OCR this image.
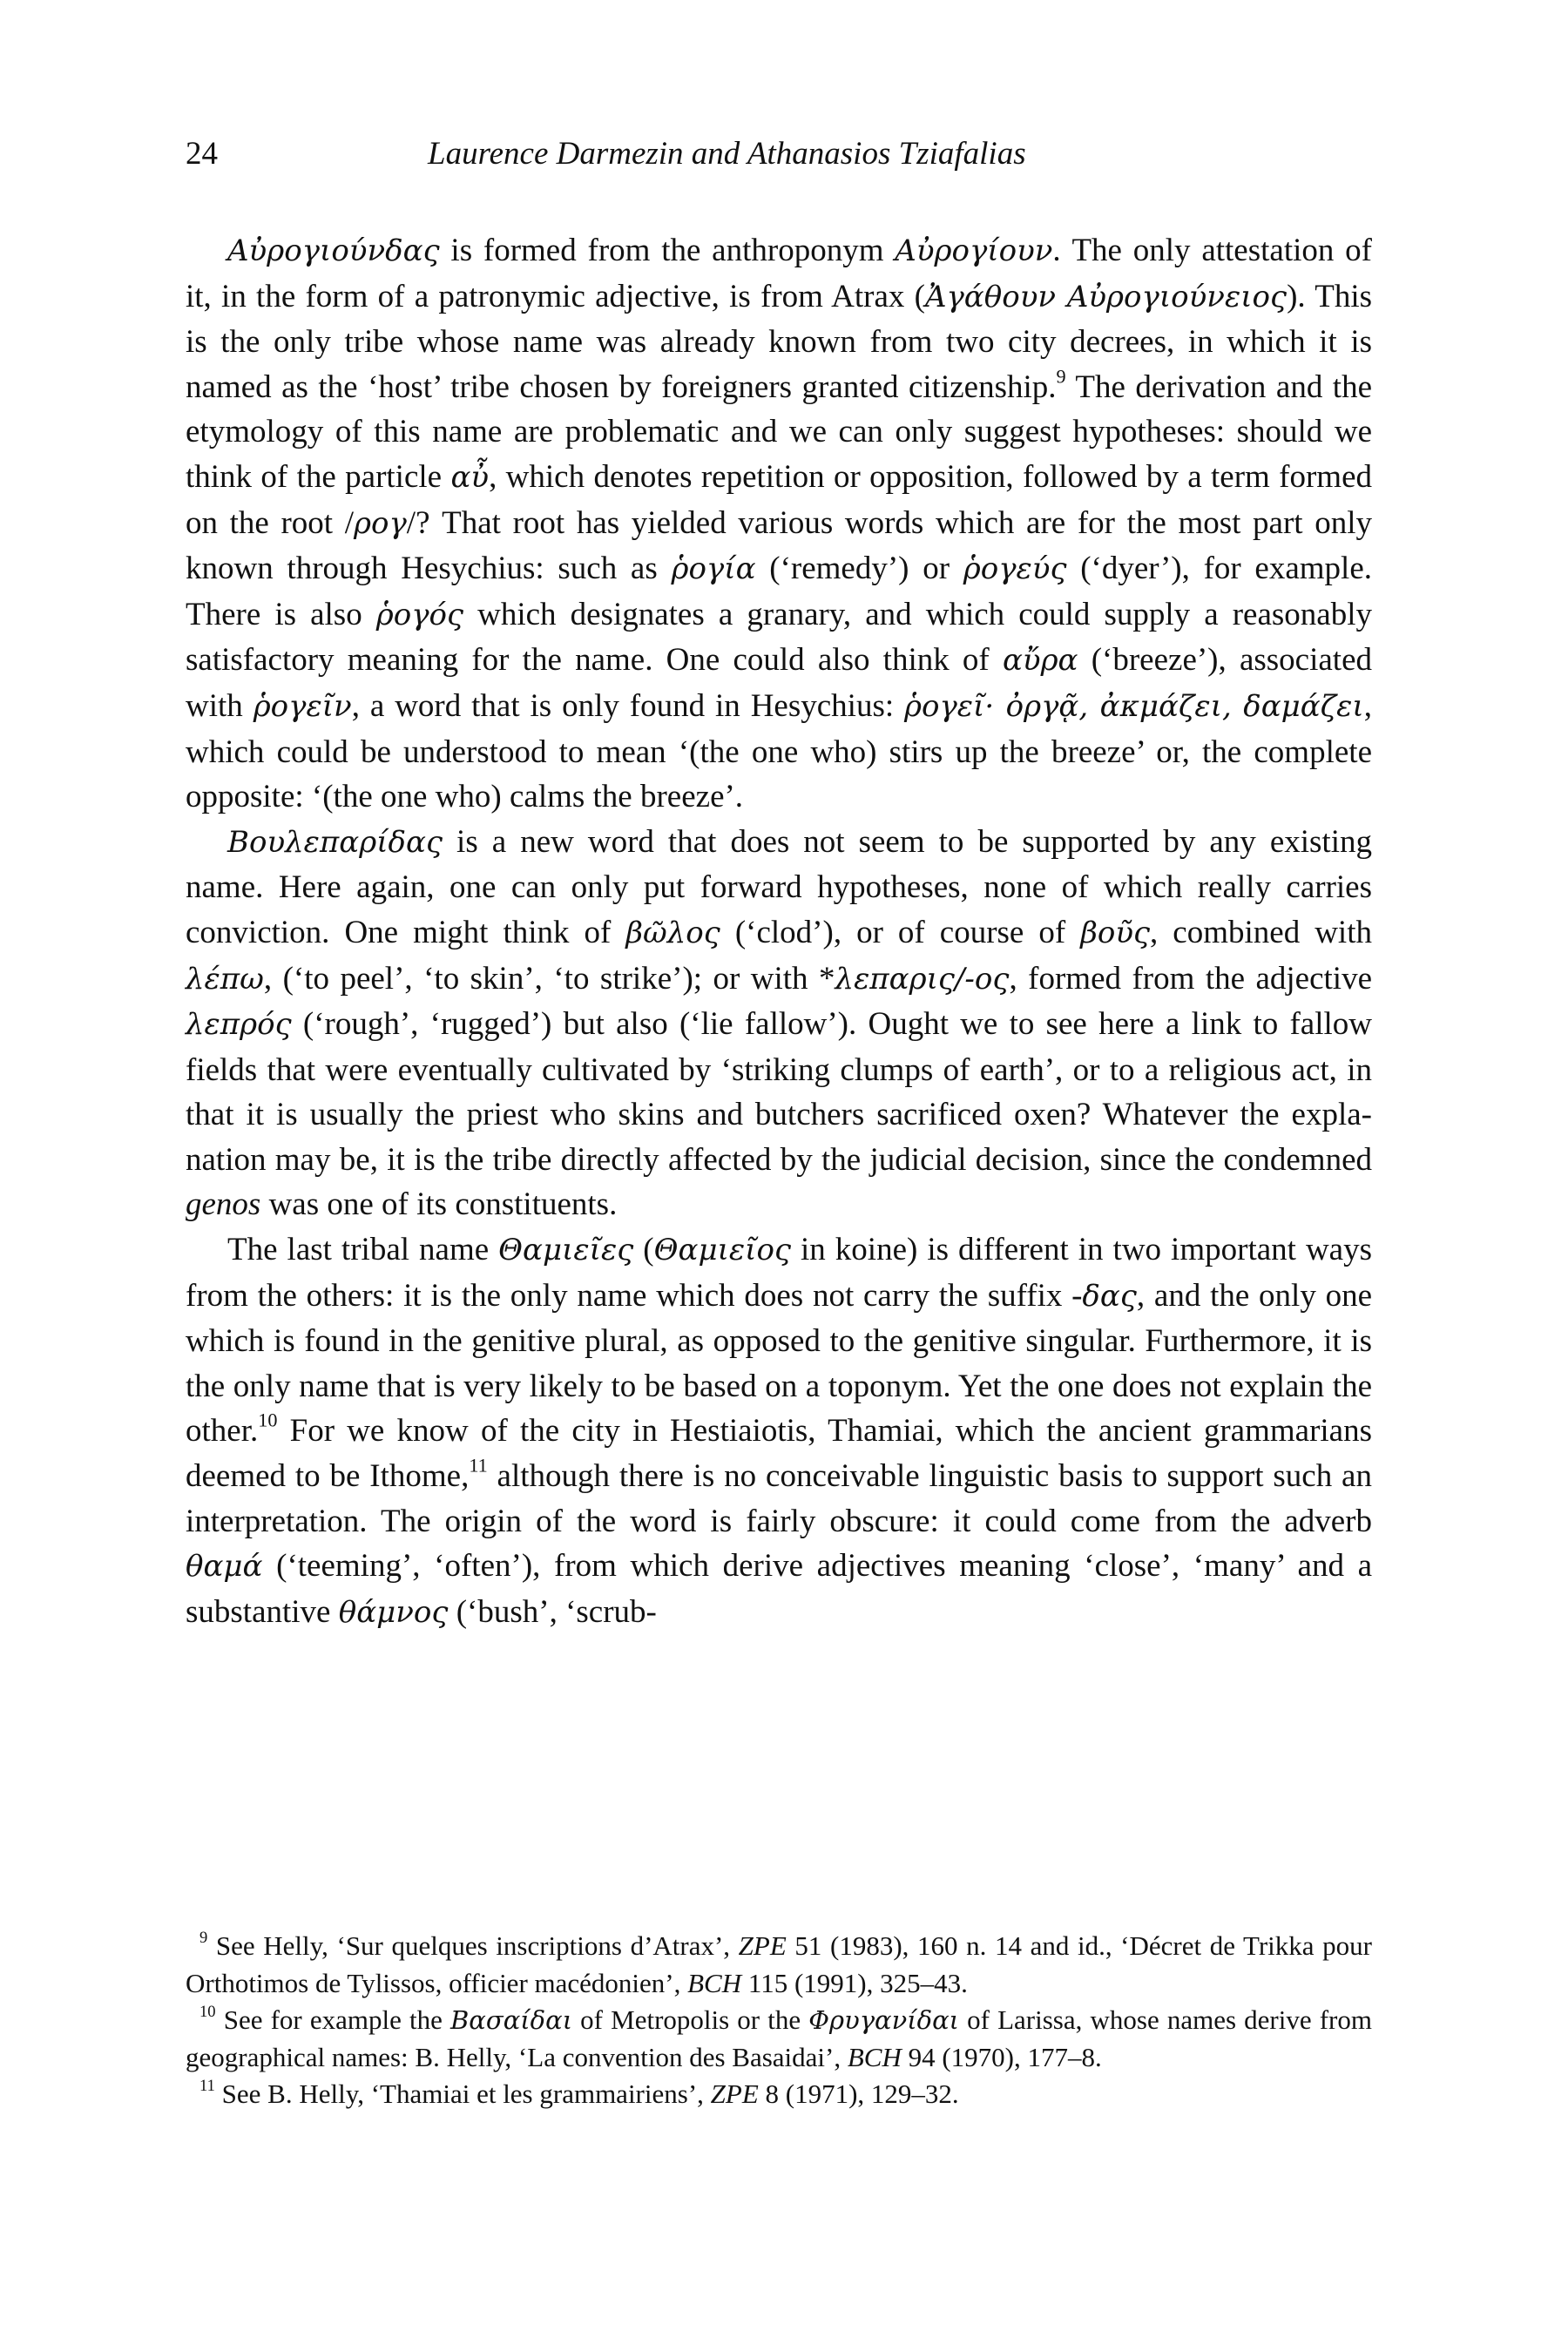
24	Laurence Darmezin and Athanasios Tziafalias

Αὐρογιούνδας is formed from the anthroponym Αὐρογίουν. The only attestation of it, in the form of a patronymic adjective, is from Atrax (Ἀγάθουν Αὐρογιούνειος). This is the only tribe whose name was already known from two city decrees, in which it is named as the ‘host’ tribe chosen by foreigners granted citizenship.$^9$ The derivation and the etymology of this name are problematic and we can only suggest hypotheses: should we think of the particle αὖ, which denotes repetition or opposition, followed by a term formed on the root /ρογ/? That root has yielded various words which are for the most part only known through Hesychius: such as ῥογία (‘remedy’) or ῥογεύς (‘dyer’), for example. There is also ῥογός which designates a granary, and which could supply a reasonably satisfactory meaning for the name. One could also think of αὔρα (‘breeze’), associated with ῥογεῖν, a word that is only found in Hesychius: ῥογεῖ· ὀργᾷ, ἀκμάζει, δαμάζει, which could be understood to mean ‘(the one who) stirs up the breeze’ or, the complete opposite: ‘(the one who) calms the breeze’.

Βουλεπαρίδας is a new word that does not seem to be supported by any existing name. Here again, one can only put forward hypotheses, none of which really carries conviction. One might think of βῶλος (‘clod’), or of course of βοῦς, combined with λέπω, (‘to peel’, ‘to skin’, ‘to strike’); or with *λεπαρις/-ος, formed from the adjective λεπρός (‘rough’, ‘rugged’) but also (‘lie fallow’). Ought we to see here a link to fallow fields that were eventually cultivated by ‘striking clumps of earth’, or to a religious act, in that it is usually the priest who skins and butchers sacrificed oxen? Whatever the explanation may be, it is the tribe directly affected by the judicial decision, since the condemned genos was one of its constituents.

The last tribal name Θαμιεῖες (Θαμιεῖος in koine) is different in two important ways from the others: it is the only name which does not carry the suffix -δας, and the only one which is found in the genitive plural, as opposed to the genitive singular. Furthermore, it is the only name that is very likely to be based on a toponym. Yet the one does not explain the other.$^{10}$ For we know of the city in Hestiaiotis, Thamiai, which the ancient grammarians deemed to be Ithome,$^{11}$ although there is no conceivable linguistic basis to support such an interpretation. The origin of the word is fairly obscure: it could come from the adverb θαμά (‘teeming’, ‘often’), from which derive adjectives meaning ‘close’, ‘many’ and a substantive θάμνος (‘bush’, ‘scrub-

$^9$ See Helly, ‘Sur quelques inscriptions d’Atrax’, ZPE 51 (1983), 160 n. 14 and id., ‘Décret de Trikka pour Orthotimos de Tylissos, officier macédonien’, BCH 115 (1991), 325–43.

$^{10}$ See for example the Βασαίδαι of Metropolis or the Φρυγανίδαι of Larissa, whose names derive from geographical names: B. Helly, ‘La convention des Basaidai’, BCH 94 (1970), 177–8.

$^{11}$ See B. Helly, ‘Thamiai et les grammairiens’, ZPE 8 (1971), 129–32.
